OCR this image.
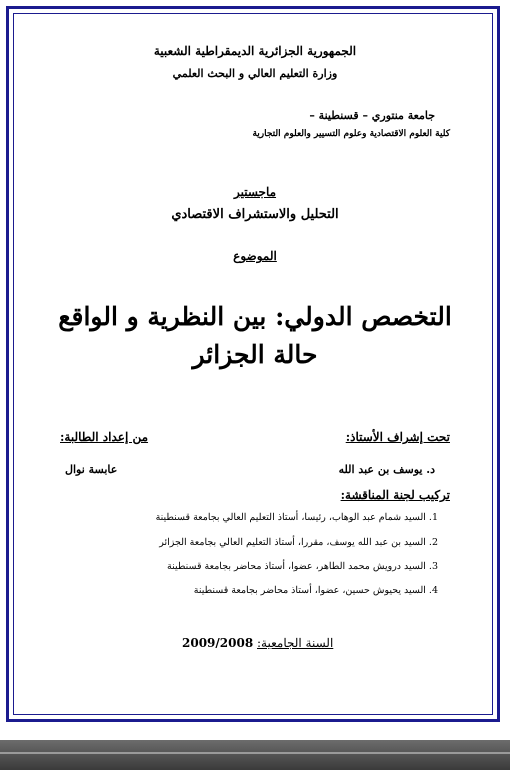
الجمهورية الجزائرية الديمقراطية الشعبية
وزارة التعليم العالي و البحث العلمي
جامعة منتوري – قسنطينة –
كلية العلوم الاقتصادية وعلوم التسيير والعلوم التجارية
ماجستير
التحليل والاستشراف الاقتصادي
الموضوع
التخصص الدولي: بين النظرية و الواقع
حالة الجزائر
تحت إشراف الأستاذ:
من إعداد الطالبة:
د. يوسف بن عبد الله
عابسة نوال
تركيب لجنة المناقشة:
1. السيد شمام عبد الوهاب، رئيسا، أستاذ التعليم العالي بجامعة قسنطينة
2. السيد بن عبد الله يوسف، مقررا، أستاذ التعليم العالي بجامعة الجزائر
3. السيد درويش محمد الطاهر، عضوا، أستاذ محاضر بجامعة قسنطينة
4. السيد يحيوش حسين، عضوا، أستاذ محاضر بجامعة قسنطينة
2009/2008 السنة الجامعية:
